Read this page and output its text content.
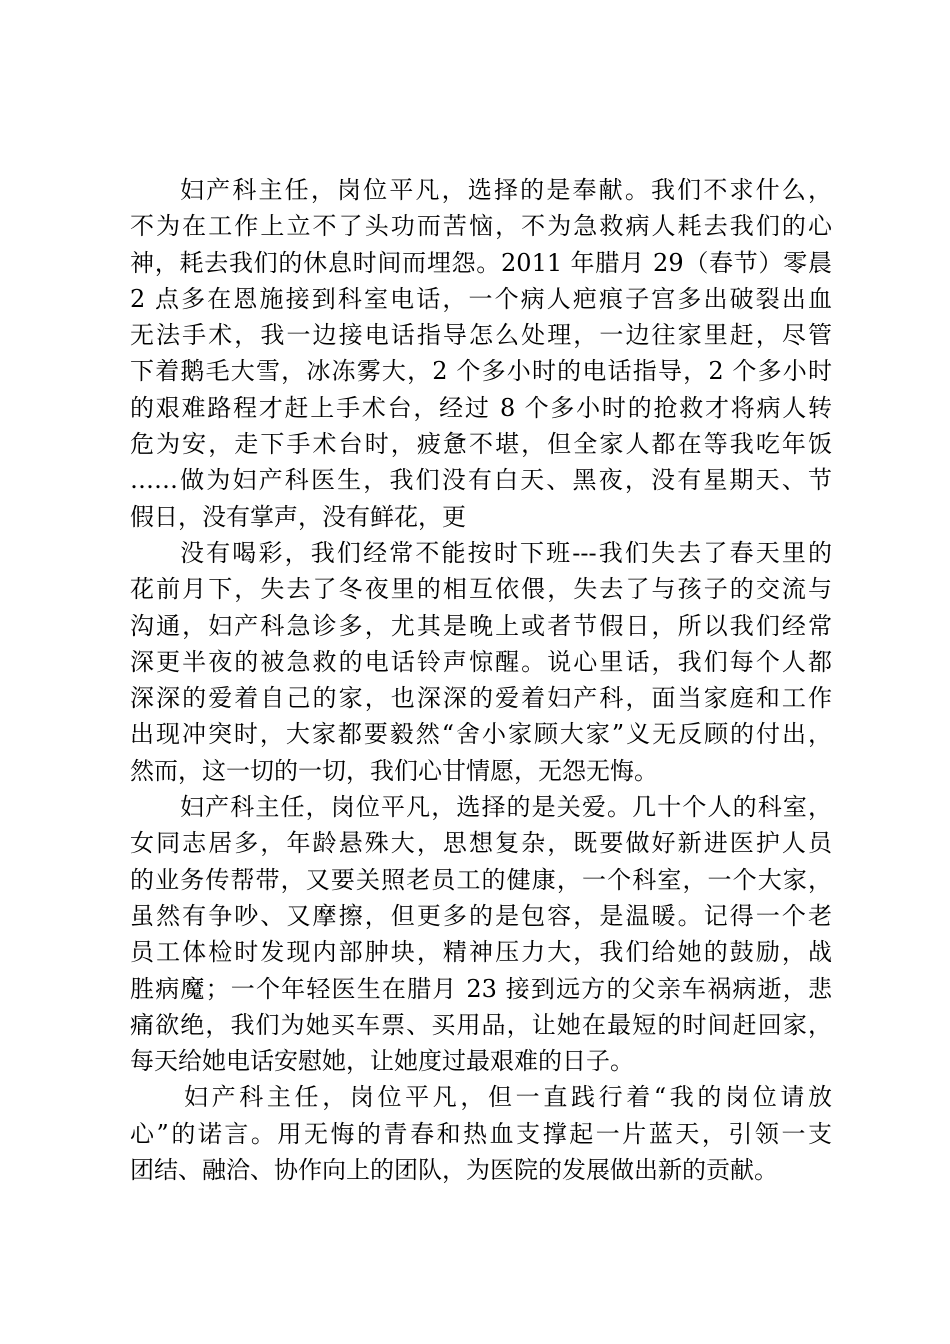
妇产科主任，岗位平凡，选择的是奉献。我们不求什么，
不为在工作上立不了头功而苦恼，不为急救病人耗去我们的心
神，耗去我们的休息时间而埋怨。2011 年腊月 29（春节）零晨
2 点多在恩施接到科室电话，一个病人疤痕子宫多出破裂出血
无法手术，我一边接电话指导怎么处理，一边往家里赶，尽管
下着鹅毛大雪，冰冻雾大，2 个多小时的电话指导，2 个多小时
的艰难路程才赶上手术台，经过 8 个多小时的抢救才将病人转
危为安，走下手术台时，疲惫不堪，但全家人都在等我吃年饭
……做为妇产科医生，我们没有白天、黑夜，没有星期天、节
假日，没有掌声，没有鲜花，更
没有喝彩，我们经常不能按时下班---我们失去了春天里的
花前月下，失去了冬夜里的相互依偎，失去了与孩子的交流与
沟通，妇产科急诊多，尤其是晚上或者节假日，所以我们经常
深更半夜的被急救的电话铃声惊醒。说心里话，我们每个人都
深深的爱着自己的家，也深深的爱着妇产科，面当家庭和工作
出现冲突时，大家都要毅然“舍小家顾大家”义无反顾的付出，
然而，这一切的一切，我们心甘情愿，无怨无悔。
妇产科主任，岗位平凡，选择的是关爱。几十个人的科室，
女同志居多，年龄悬殊大，思想复杂，既要做好新进医护人员
的业务传帮带，又要关照老员工的健康，一个科室，一个大家，
虽然有争吵、又摩擦，但更多的是包容，是温暖。记得一个老
员工体检时发现内部肿块，精神压力大，我们给她的鼓励，战
胜病魔；一个年轻医生在腊月 23 接到远方的父亲车祸病逝，悲
痛欲绝，我们为她买车票、买用品，让她在最短的时间赶回家，
每天给她电话安慰她，让她度过最艰难的日子。
妇产科主任，岗位平凡，但一直践行着“我的岗位请放
心”的诺言。用无悔的青春和热血支撑起一片蓝天，引领一支
团结、融洽、协作向上的团队，为医院的发展做出新的贡献。
